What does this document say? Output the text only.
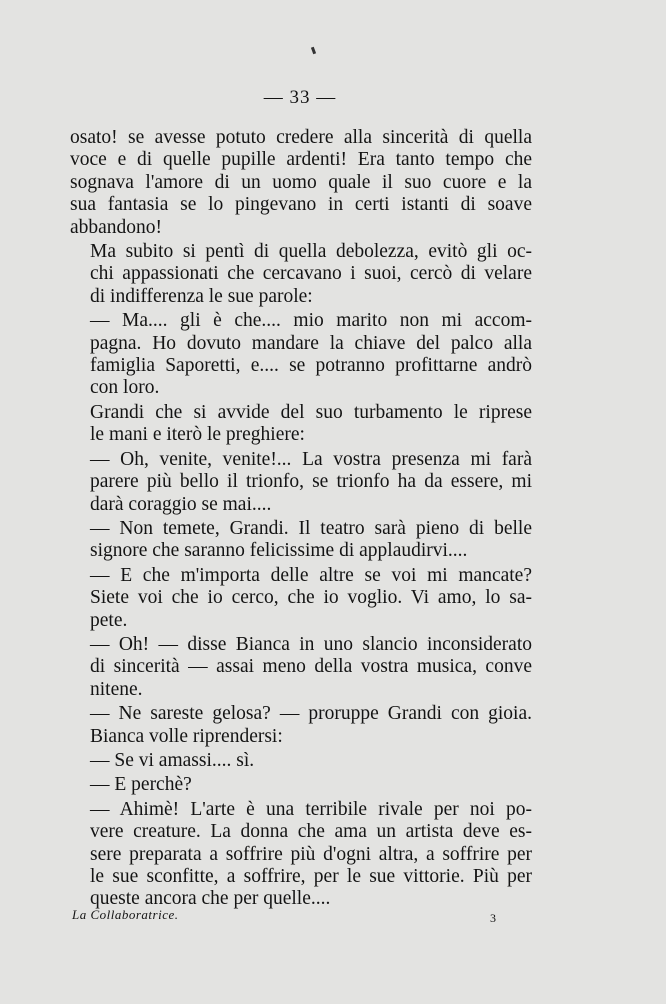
— 33 —
osato! se avesse potuto credere alla sincerità di quella
voce e di quelle pupille ardenti! Era tanto tempo che
sognava l'amore di un uomo quale il suo cuore e la
sua fantasia se lo pingevano in certi istanti di soave
abbandono!
Ma subito si pentì di quella debolezza, evitò gli oc-
chi appassionati che cercavano i suoi, cercò di velare
di indifferenza le sue parole:
— Ma.... gli è che.... mio marito non mi accom-
pagna. Ho dovuto mandare la chiave del palco alla
famiglia Saporetti, e.... se potranno profittarne andrò
con loro.
Grandi che si avvide del suo turbamento le riprese
le mani e iterò le preghiere:
— Oh, venite, venite!... La vostra presenza mi farà
parere più bello il trionfo, se trionfo ha da essere, mi
darà coraggio se mai....
— Non temete, Grandi. Il teatro sarà pieno di belle
signore che saranno felicissime di applaudirvi....
— E che m'importa delle altre se voi mi mancate?
Siete voi che io cerco, che io voglio. Vi amo, lo sa-
pete.
— Oh! — disse Bianca in uno slancio inconsiderato
di sincerità — assai meno della vostra musica, conve
nitene.
— Ne sareste gelosa? — proruppe Grandi con gioia.
Bianca volle riprendersi:
— Se vi amassi.... sì.
— E perchè?
— Ahimè! L'arte è una terribile rivale per noi po-
vere creature. La donna che ama un artista deve es-
sere preparata a soffrire più d'ogni altra, a soffrire per
le sue sconfitte, a soffrire, per le sue vittorie. Più per
queste ancora che per quelle....
La Collaboratrice.	3
